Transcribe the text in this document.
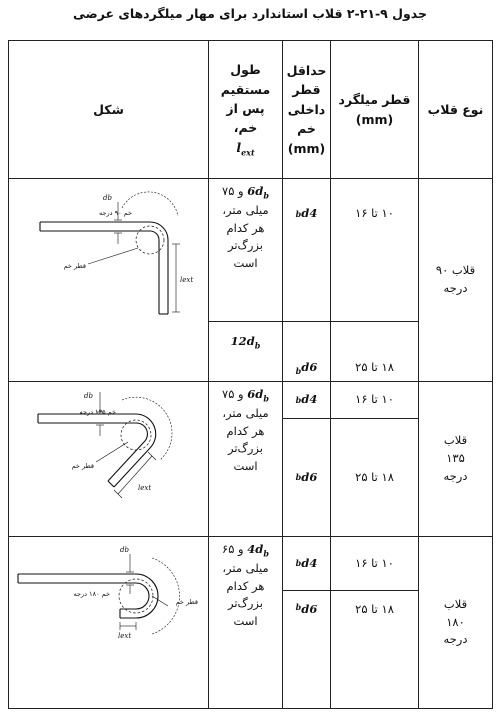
جدول ۹-۲۱-۲ قلاب استاندارد برای مهار میلگردهای عرضی
نوع قلاب
قطر میلگرد
(mm)
حداقل قطر داخلی خم
(mm)
طول مستقیم پس از خم،
$l_{ext}$
شکل
قلاب ۹۰ درجه
۱۰ تا ۱۶
4
d
b
۱۸ تا ۲۵
6
d
b
$6d_b$ و ۷۵ میلی متر، هر کدام بزرگ‌تر است
$12d_b$
db
خم ۹۰ درجه
قطر خم
lext
قلاب ۱۳۵ درجه
۱۰ تا ۱۶
4
d
b
۱۸ تا ۲۵
6
d
b
$6d_b$ و ۷۵ میلی متر، هر کدام بزرگ‌تر است
db
خم ۱۳۵ درجه
قطر خم
lext
قلاب ۱۸۰ درجه
۱۰ تا ۱۶
4
d
b
۱۸ تا ۲۵
6
d
b
$4d_b$ و ۶۵ میلی متر، هر کدام بزرگ‌تر است
db
خم ۱۸۰ درجه
قطر خم
lext
